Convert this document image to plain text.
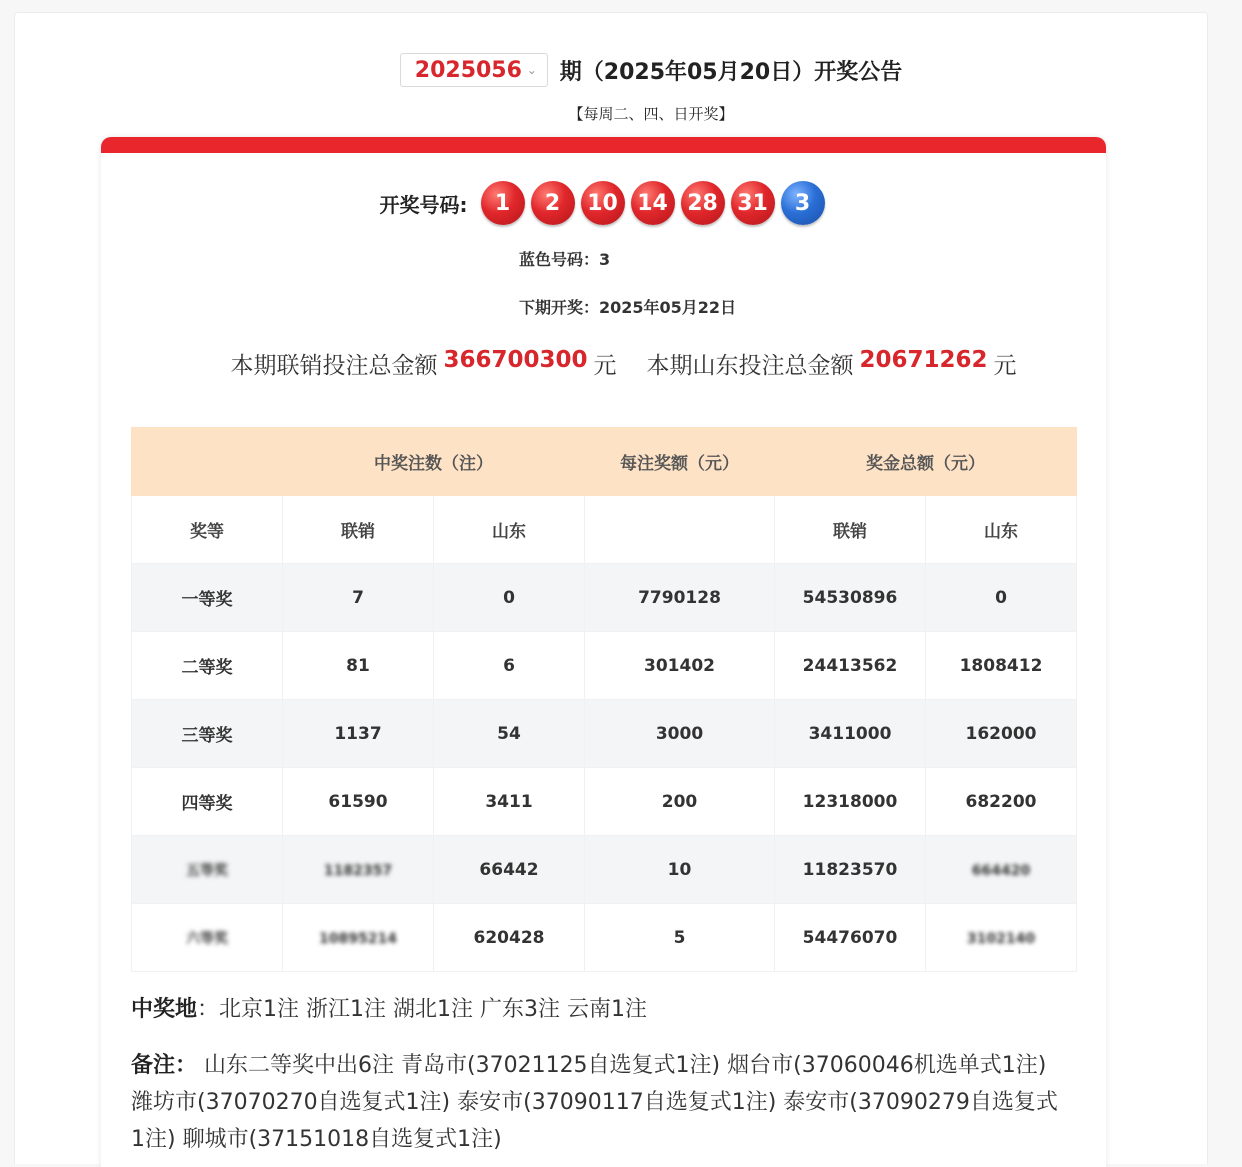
2025056 ⌄ 期（2025年05月20日）开奖公告
【每周二、四、日开奖】
开奖号码:	1	2	10 14 28 31	3
蓝色号码：3
下期开奖：2025年05月22日
本期联销投注总金额 366700300 元 本期山东投注总金额 20671262 元
	中奖注数（注）		每注奖额（元）	奖金总额（元）	
奖等	联销	山东		联销	山东
一等奖	7	0	7790128	54530896	0
二等奖	81	6	301402	24413562	1808412
三等奖	1137	54	3000	3411000	162000
四等奖	61590	3411	200	12318000	682200
五等奖	1182357	66442	10	11823570	664420
六等奖	10895214	620428	5	54476070	3102140
中奖地：北京1注 浙江1注 湖北1注 广东3注 云南1注
备注： 山东二等奖中出6注 青岛市(37021125自选复式1注) 烟台市(37060046机选单式1注) 潍坊市(37070270自选复式1注) 泰安市(37090117自选复式1注) 泰安市(37090279自选复式1注) 聊城市(37151018自选复式1注)
